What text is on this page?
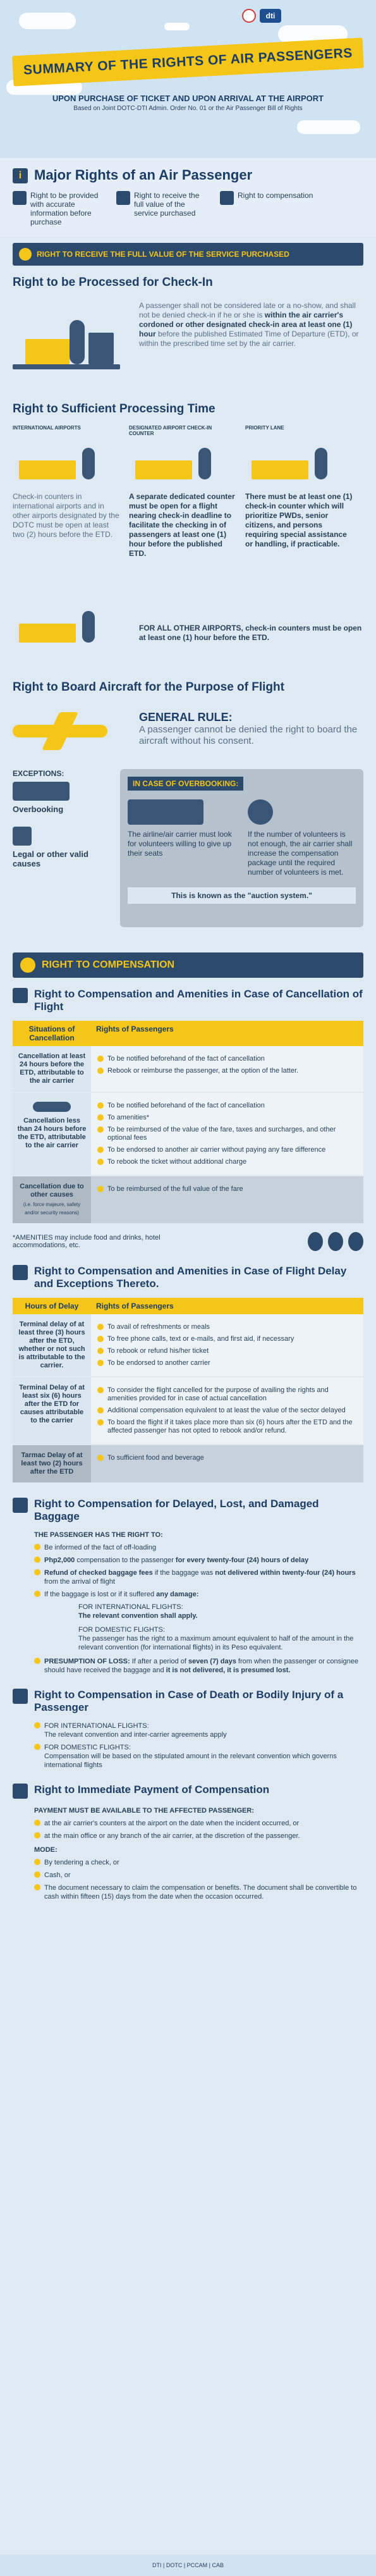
dti
SUMMARY OF THE RIGHTS OF AIR PASSENGERS
UPON PURCHASE OF TICKET AND UPON ARRIVAL AT THE AIRPORT
Based on Joint DOTC-DTI Admin. Order No. 01 or the Air Passenger Bill of Rights
i Major Rights of an Air Passenger
Right to be provided with accurate information before purchase
Right to receive the full value of the service purchased
Right to compensation
RIGHT TO RECEIVE THE FULL VALUE OF THE SERVICE PURCHASED
Right to be Processed for Check-In
A passenger shall not be considered late or a no-show, and shall not be denied check-in if he or she is within the air carrier's cordoned or other designated check-in area at least one (1) hour before the published Estimated Time of Departure (ETD), or within the prescribed time set by the air carrier.
Right to Sufficient Processing Time
INTERNATIONAL AIRPORTS	DESIGNATED AIRPORT CHECK-IN COUNTER
PRIORITY LANE
Check-in counters in international airports and in other airports designated by the DOTC must be open at least two (2) hours before the ETD.
A separate dedicated counter must be open for a flight nearing check-in deadline to facilitate the checking in of passengers at least one (1) hour before the published ETD.
There must be at least one (1) check-in counter which will prioritize PWDs, senior citizens, and persons requiring special assistance or handling, if practicable.
FOR ALL OTHER AIRPORTS, check-in counters must be open at least one (1) hour before the ETD.
Right to Board Aircraft for the Purpose of Flight
GENERAL RULE:
A passenger cannot be denied the right to board the aircraft without his consent.
EXCEPTIONS:
Overbooking
Legal or other valid causes
IN CASE OF OVERBOOKING:
The airline/air carrier must look for volunteers willing to give up their seats
If the number of volunteers is not enough, the air carrier shall increase the compensation package until the required number of volunteers is met.
This is known as the "auction system."
RIGHT TO COMPENSATION
Right to Compensation and Amenities in Case of Cancellation of Flight
Situations of Cancellation
Rights of Passengers
Cancellation at least 24 hours before the ETD, attributable to the air carrier
To be notified beforehand of the fact of cancellation
Rebook or reimburse the passenger, at the option of the latter.
Cancellation less than 24 hours before the ETD, attributable to the air carrier
To be notified beforehand of the fact of cancellation
To amenities*
To be reimbursed of the value of the fare, taxes and surcharges, and other optional fees
To be endorsed to another air carrier without paying any fare difference
To rebook the ticket without additional charge
Cancellation due to other causes
(i.e. force majeure, safety and/or security reasons)
To be reimbursed of the full value of the fare
*AMENITIES may include food and drinks, hotel accommodations, etc.
Right to Compensation and Amenities in Case of Flight Delay and Exceptions Thereto.
Hours of Delay	Rights of Passengers
Terminal delay of at least three (3) hours after the ETD, whether or not such is attributable to the carrier.
To avail of refreshments or meals
To free phone calls, text or e-mails, and first aid, if necessary
To rebook or refund his/her ticket
To be endorsed to another carrier
Terminal Delay of at least six (6) hours after the ETD for causes attributable to the carrier
To consider the flight cancelled for the purpose of availing the rights and amenities provided for in case of actual cancellation
Additional compensation equivalent to at least the value of the sector delayed
To board the flight if it takes place more than six (6) hours after the ETD and the affected passenger has not opted to rebook and/or refund.
Tarmac Delay of at least two (2) hours after the ETD
To sufficient food and beverage
Right to Compensation for Delayed, Lost, and Damaged Baggage
THE PASSENGER HAS THE RIGHT TO:
Be informed of the fact of off-loading
Php2,000 compensation to the passenger for every twenty-four (24) hours of delay
Refund of checked baggage fees if the baggage was not delivered within twenty-four (24) hours from the arrival of flight
If the baggage is lost or if it suffered any damage:
FOR INTERNATIONAL FLIGHTS:
The relevant convention shall apply.
FOR DOMESTIC FLIGHTS:
The passenger has the right to a maximum amount equivalent to half of the amount in the relevant convention (for international flights) in its Peso equivalent.
PRESUMPTION OF LOSS: If after a period of seven (7) days from when the passenger or consignee should have received the baggage and it is not delivered, it is presumed lost.
Right to Compensation in Case of Death or Bodily Injury of a Passenger
FOR INTERNATIONAL FLIGHTS:
The relevant convention and inter-carrier agreements apply
FOR DOMESTIC FLIGHTS:
Compensation will be based on the stipulated amount in the relevant convention which governs international flights
Right to Immediate Payment of Compensation
PAYMENT MUST BE AVAILABLE TO THE AFFECTED PASSENGER:
at the air carrier's counters at the airport on the date when the incident occurred, or
at the main office or any branch of the air carrier, at the discretion of the passenger.
MODE:
By tendering a check, or
Cash, or
The document necessary to claim the compensation or benefits. The document shall be convertible to cash within fifteen (15) days from the date when the occasion occurred.
DTI | DOTC | PCCAM | CAB
